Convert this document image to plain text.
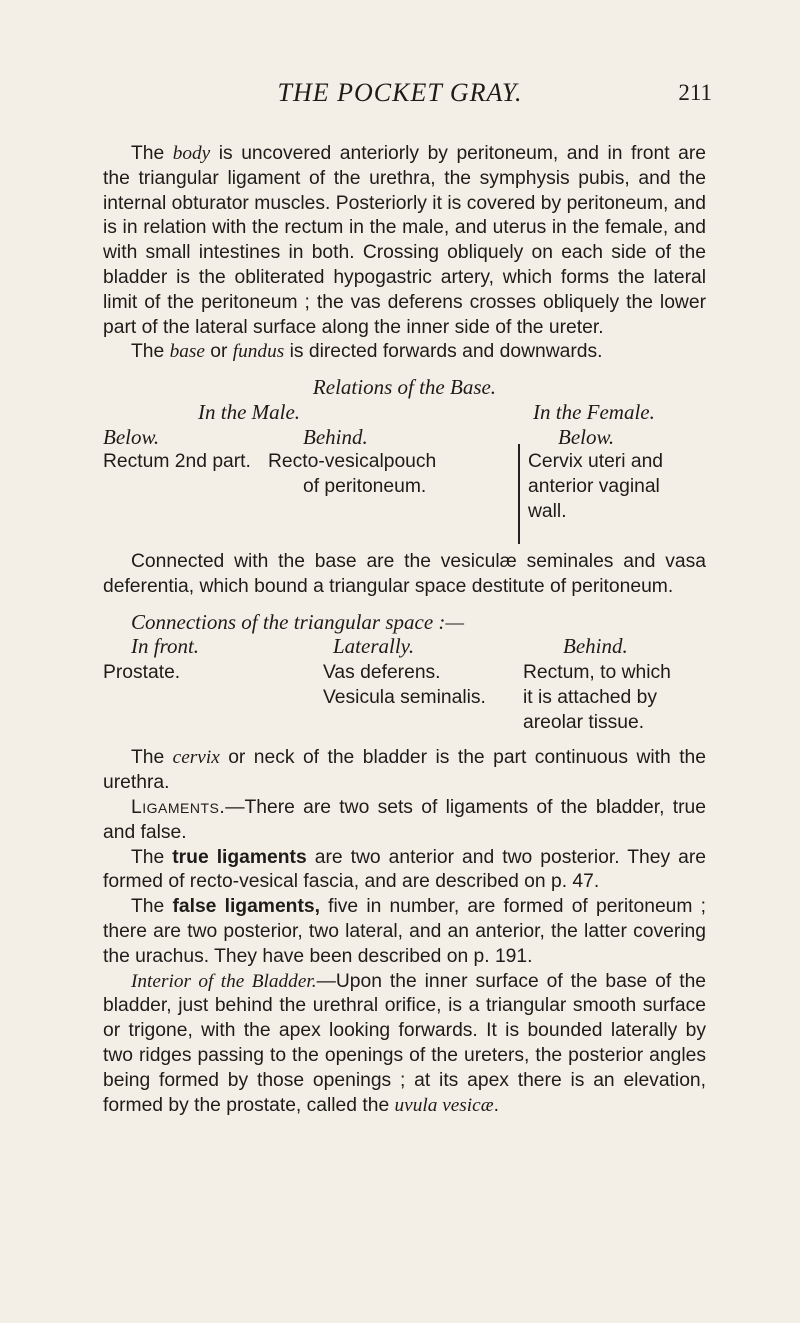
THE POCKET GRAY.	211

The body is uncovered anteriorly by peritoneum, and in front are the triangular ligament of the urethra, the symphysis pubis, and the internal obturator muscles. Posteriorly it is covered by peritoneum, and is in relation with the rectum in the male, and uterus in the female, and with small intestines in both. Crossing obliquely on each side of the bladder is the obliterated hypogastric artery, which forms the lateral limit of the peritoneum ; the vas deferens crosses obliquely the lower part of the lateral surface along the inner side of the ureter.

The base or fundus is directed forwards and downwards.

Relations of the Base.
In the Male.	In the Female.
Below.
Rectum 2nd part.
Behind.
Recto-vesicalpouch
of peritoneum.
Below.
Cervix uteri and
anterior vaginal
wall.

Connected with the base are the vesiculæ seminales and vasa deferentia, which bound a triangular space destitute of peritoneum.

Connections of the triangular space :—
In front.
Prostate.
Laterally.
Vas deferens.
Vesicula seminalis.
Behind.
Rectum, to which
it is attached by
areolar tissue.

The cervix or neck of the bladder is the part continuous with the urethra.

Ligaments.—There are two sets of ligaments of the bladder, true and false.

The true ligaments are two anterior and two posterior. They are formed of recto-vesical fascia, and are described on p. 47.

The false ligaments, five in number, are formed of peritoneum ; there are two posterior, two lateral, and an anterior, the latter covering the urachus. They have been described on p. 191.

Interior of the Bladder.—Upon the inner surface of the base of the bladder, just behind the urethral orifice, is a triangular smooth surface or trigone, with the apex looking forwards. It is bounded laterally by two ridges passing to the openings of the ureters, the posterior angles being formed by those openings ; at its apex there is an elevation, formed by the prostate, called the uvula vesicæ.
